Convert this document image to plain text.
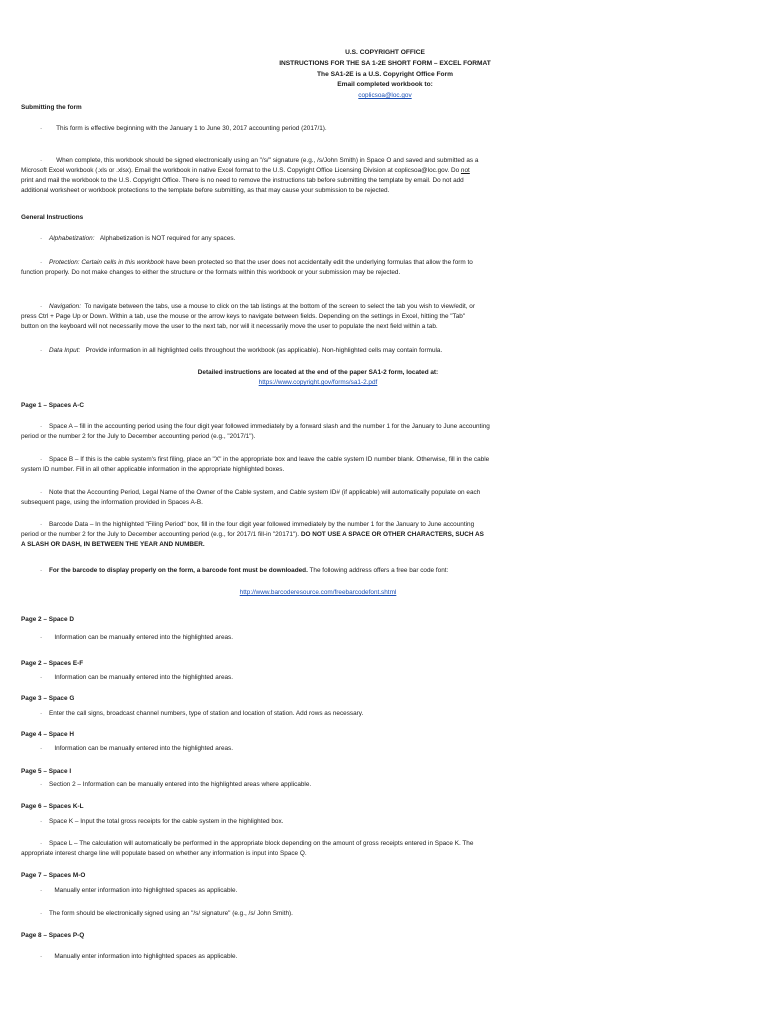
U.S. COPYRIGHT OFFICE
INSTRUCTIONS FOR THE SA 1-2E SHORT FORM – EXCEL FORMAT
The SA1-2E is a U.S. Copyright Office Form
Email completed workbook to:
coplicsoa@loc.gov
Submitting the form
· This form is effective beginning with the January 1 to June 30, 2017 accounting period (2017/1).
· When complete, this workbook should be signed electronically using an "/s/" signature (e.g., /s/John Smith) in Space O and saved and submitted as a
Microsoft Excel workbook (.xls or .xlsx). Email the workbook in native Excel format to the U.S. Copyright Office Licensing Division at coplicsoa@loc.gov. Do not
print and mail the workbook to the U.S. Copyright Office. There is no need to remove the instructions tab before submitting the template by email. Do not add
additional worksheet or workbook protections to the template before submitting, as that may cause your submission to be rejected.
General Instructions
· Alphabetization: Alphabetization is NOT required for any spaces.
· Protection: Certain cells in this workbook have been protected so that the user does not accidentally edit the underlying formulas that allow the form to
function properly. Do not make changes to either the structure or the formats within this workbook or your submission may be rejected.
· Navigation: To navigate between the tabs, use a mouse to click on the tab listings at the bottom of the screen to select the tab you wish to view/edit, or
press Ctrl + Page Up or Down. Within a tab, use the mouse or the arrow keys to navigate between fields. Depending on the settings in Excel, hitting the "Tab"
button on the keyboard will not necessarily move the user to the next tab, nor will it necessarily move the user to populate the next field within a tab.
· Data Input: Provide information in all highlighted cells throughout the workbook (as applicable). Non-highlighted cells may contain formula.
Detailed instructions are located at the end of the paper SA1-2 form, located at:
https://www.copyright.gov/forms/sa1-2.pdf
Page 1 – Spaces A-C
· Space A – fill in the accounting period using the four digit year followed immediately by a forward slash and the number 1 for the January to June accounting
period or the number 2 for the July to December accounting period (e.g., "2017/1").
· Space B – If this is the cable system's first filing, place an "X" in the appropriate box and leave the cable system ID number blank. Otherwise, fill in the cable
system ID number. Fill in all other applicable information in the appropriate highlighted boxes.
· Note that the Accounting Period, Legal Name of the Owner of the Cable system, and Cable system ID# (if applicable) will automatically populate on each
subsequent page, using the information provided in Spaces A-B.
· Barcode Data – In the highlighted "Filing Period" box, fill in the four digit year followed immediately by the number 1 for the January to June accounting
period or the number 2 for the July to December accounting period (e.g., for 2017/1 fill-in "20171"). DO NOT USE A SPACE OR OTHER CHARACTERS, SUCH AS
A SLASH OR DASH, IN BETWEEN THE YEAR AND NUMBER.
· For the barcode to display properly on the form, a barcode font must be downloaded. The following address offers a free bar code font:
http://www.barcoderesource.com/freebarcodefont.shtml
Page 2 – Space D
· Information can be manually entered into the highlighted areas.
Page 2 – Spaces E-F
· Information can be manually entered into the highlighted areas.
Page 3 – Space G
· Enter the call signs, broadcast channel numbers, type of station and location of station. Add rows as necessary.
Page 4 – Space H
· Information can be manually entered into the highlighted areas.
Page 5 – Space I
· Section 2 – Information can be manually entered into the highlighted areas where applicable.
Page 6 – Spaces K-L
· Space K – Input the total gross receipts for the cable system in the highlighted box.
· Space L – The calculation will automatically be performed in the appropriate block depending on the amount of gross receipts entered in Space K. The
appropriate interest charge line will populate based on whether any information is input into Space Q.
Page 7 – Spaces M-O
· Manually enter information into highlighted spaces as applicable.
· The form should be electronically signed using an "/s/ signature" (e.g., /s/ John Smith).
Page 8 – Spaces P-Q
· Manually enter information into highlighted spaces as applicable.
